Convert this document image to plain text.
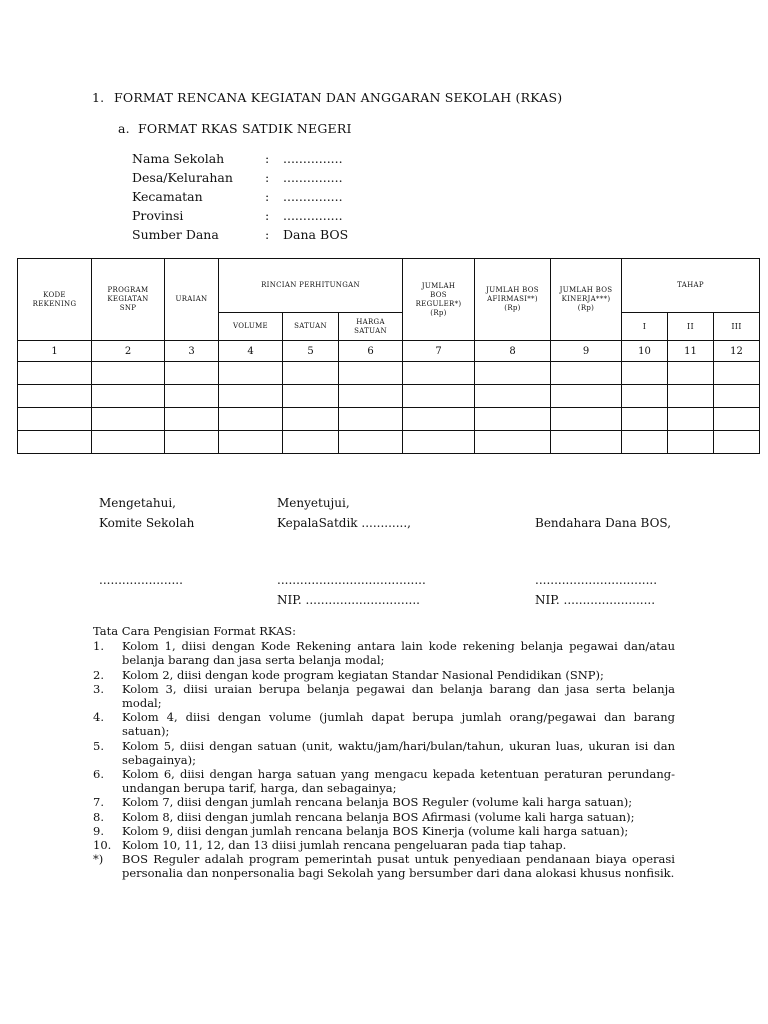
1. FORMAT RENCANA KEGIATAN DAN ANGGARAN SEKOLAH (RKAS)
a. FORMAT RKAS SATDIK NEGERI
Nama Sekolah	:	...............
Desa/Kelurahan	:	...............
Kecamatan	:	...............
Provinsi	:	...............
Sumber Dana	:	Dana BOS
KODE REKENING	PROGRAM KEGIATAN SNP	URAIAN	RINCIAN PERHITUNGAN			JUMLAH BOS REGULER*) (Rp)	JUMLAH BOS AFIRMASI**) (Rp)	JUMLAH BOS KINERJA***) (Rp)	TAHAP		
			VOLUME	SATUAN	HARGA SATUAN				I	II	III
1	2	3	4	5	6	7	8	9	10	11	12

Mengetahui,
Komite Sekolah
Menyetujui,
KepalaSatdik ............,	Bendahara Dana BOS,
......................	.......................................	................................
NIP. ..............................	NIP. ........................
Tata Cara Pengisian Format RKAS:
1.	Kolom 1, diisi dengan Kode Rekening antara lain kode rekening belanja pegawai dan/atau belanja barang dan jasa serta belanja modal;
2.	Kolom 2, diisi dengan kode program kegiatan Standar Nasional Pendidikan (SNP);
3.	Kolom 3, diisi uraian berupa belanja pegawai dan belanja barang dan jasa serta belanja modal;
4.	Kolom 4, diisi dengan volume (jumlah dapat berupa jumlah orang/pegawai dan barang satuan);
5.	Kolom 5, diisi dengan satuan (unit, waktu/jam/hari/bulan/tahun, ukuran luas, ukuran isi dan sebagainya);
6.	Kolom 6, diisi dengan harga satuan yang mengacu kepada ketentuan peraturan perundang-undangan berupa tarif, harga, dan sebagainya;
7.	Kolom 7, diisi dengan jumlah rencana belanja BOS Reguler (volume kali harga satuan);
8.	Kolom 8, diisi dengan jumlah rencana belanja BOS Afirmasi (volume kali harga satuan);
9.	Kolom 9, diisi dengan jumlah rencana belanja BOS Kinerja (volume kali harga satuan);
10. Kolom 10, 11, 12, dan 13 diisi jumlah rencana pengeluaran pada tiap tahap.
*)	BOS Reguler adalah program pemerintah pusat untuk penyediaan pendanaan biaya operasi personalia dan nonpersonalia bagi Sekolah yang bersumber dari dana alokasi khusus nonfisik.
